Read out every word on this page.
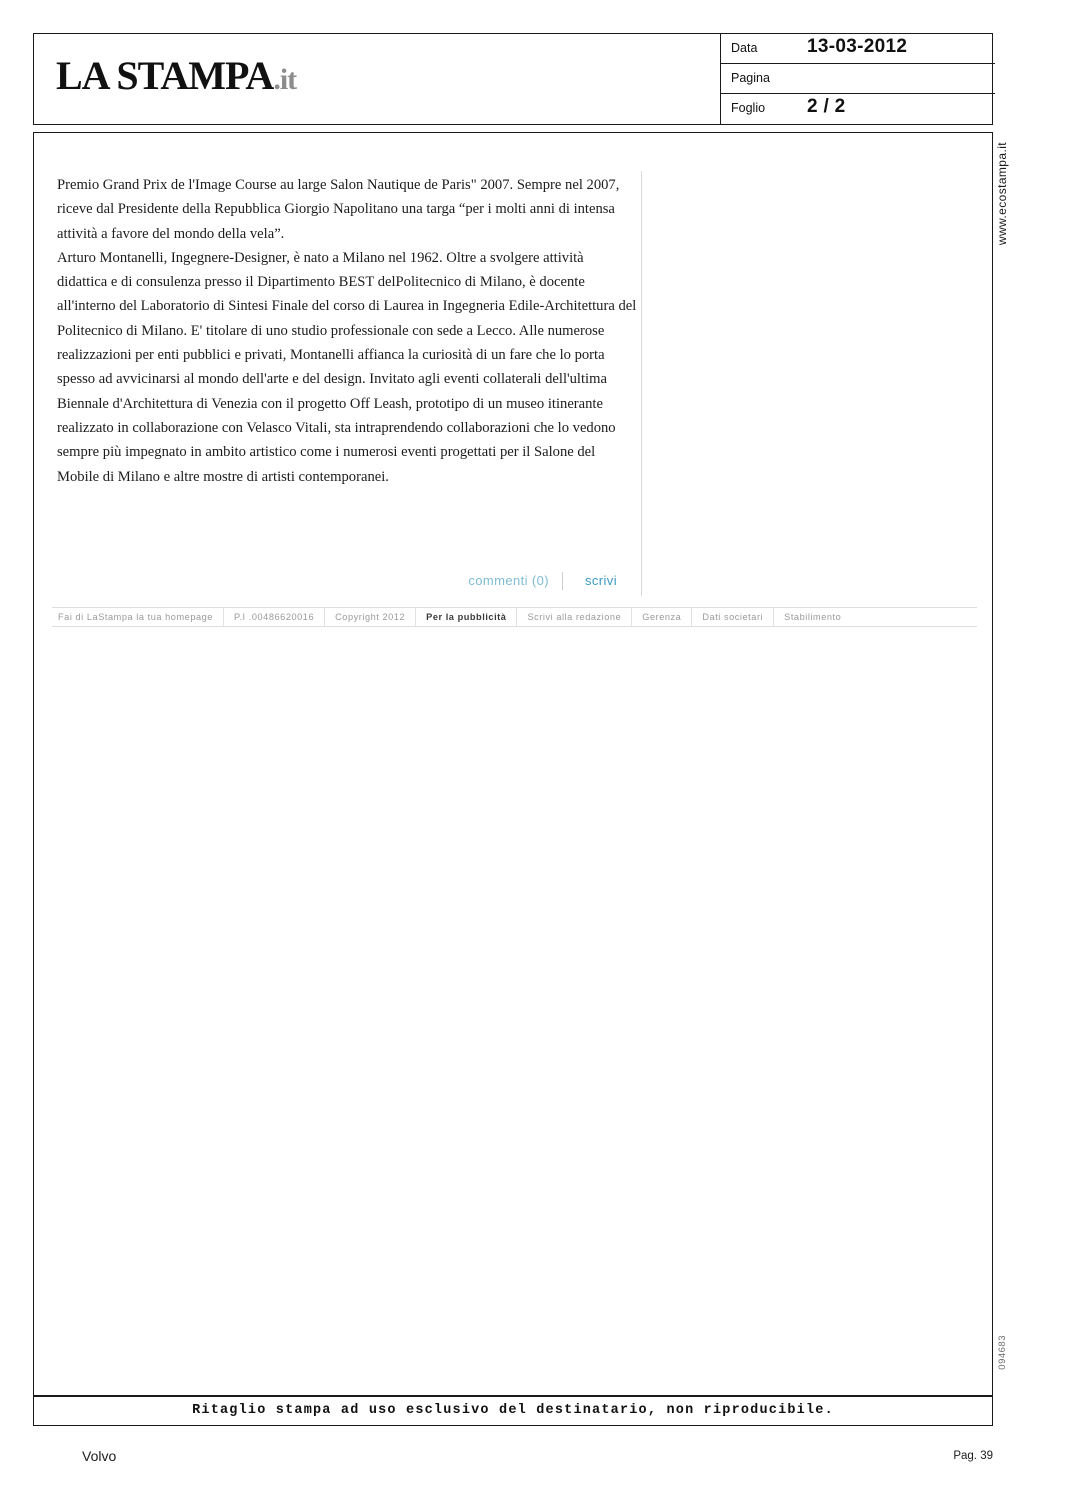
LA STAMPA.it
Data	13-03-2012
Pagina
Foglio 2 / 2

Premio Grand Prix de l'Image Course au large Salon Nautique de Paris" 2007. Sempre nel 2007, riceve dal Presidente della Repubblica Giorgio Napolitano una targa “per i molti anni di intensa attività a favore del mondo della vela”.

Arturo Montanelli, Ingegnere-Designer, è nato a Milano nel 1962. Oltre a svolgere attività didattica e di consulenza presso il Dipartimento BEST delPolitecnico di Milano, è docente all'interno del Laboratorio di Sintesi Finale del corso di Laurea in Ingegneria Edile-Architettura del Politecnico di Milano. E' titolare di uno studio professionale con sede a Lecco. Alle numerose realizzazioni per enti pubblici e privati, Montanelli affianca la curiosità di un fare che lo porta spesso ad avvicinarsi al mondo dell'arte e del design. Invitato agli eventi collaterali dell'ultima Biennale d'Architettura di Venezia con il progetto Off Leash, prototipo di un museo itinerante realizzato in collaborazione con Velasco Vitali, sta intraprendendo collaborazioni che lo vedono sempre più impegnato in ambito artistico come i numerosi eventi progettati per il Salone del Mobile di Milano e altre mostre di artisti contemporanei.

commenti (0)	scrivi
Fai di LaStampa la tua homepage	P.I .00486620016	Copyright 2012	Per la pubblicità	Scrivi alla redazione	Gerenza	Dati societari	Stabilimento
www.ecostampa.it
094683
Ritaglio stampa ad uso esclusivo del destinatario, non riproducibile.
Volvo	Pag. 39
